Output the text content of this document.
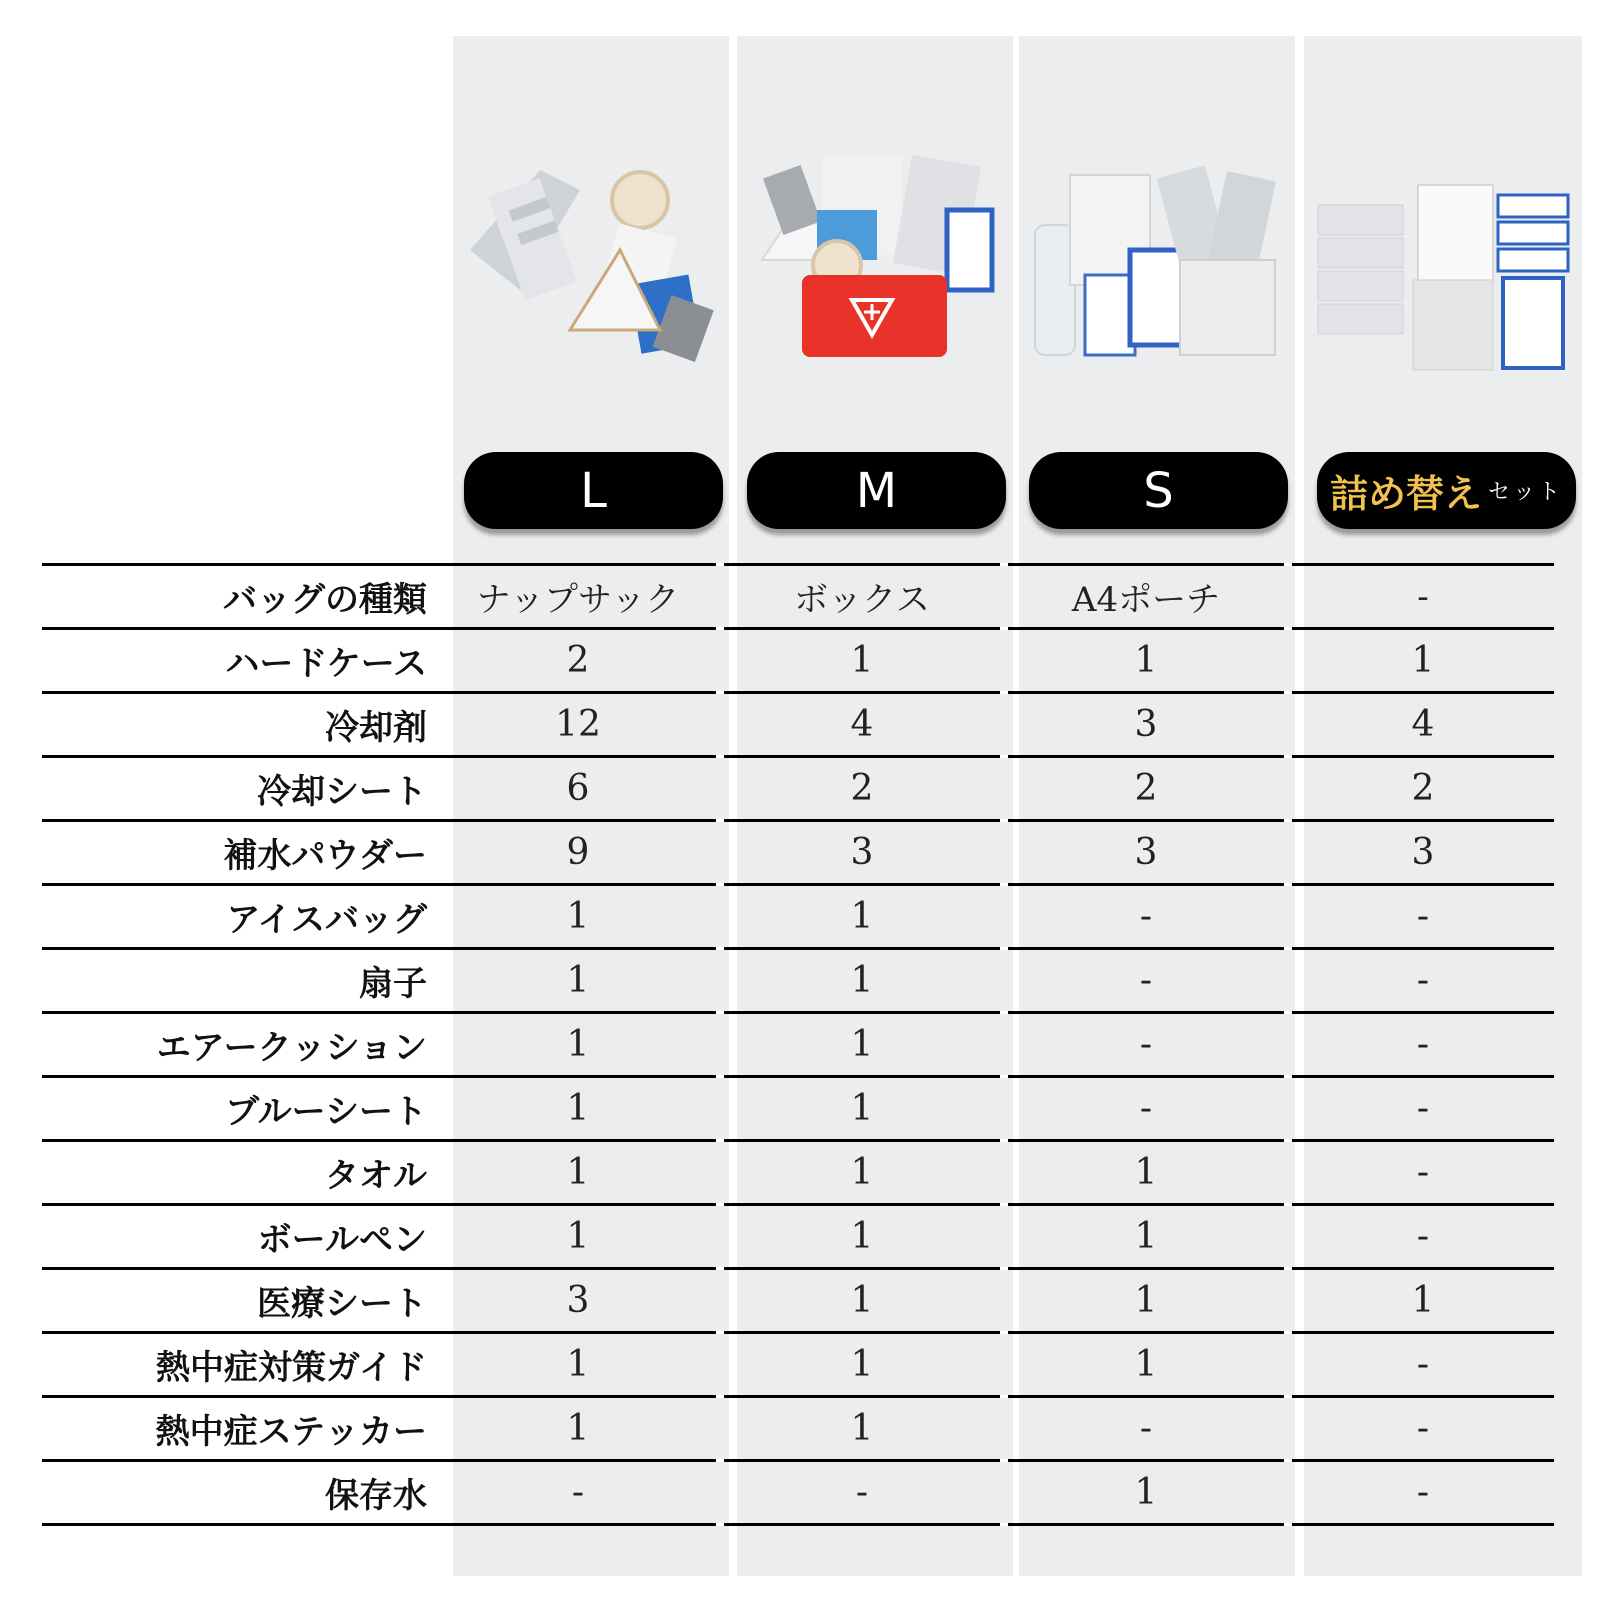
L	M	S	詰め替え セット
バッグの種類	ナップサック		ボックス		A4ポーチ		-
ハードケース	2		1		1		1
冷却剤	12		4		3		4
冷却シート	6		2		2		2
補水パウダー	9		3		3		3
アイスバッグ	1		1		-		-
扇子	1		1		-		-
エアークッション	1		1		-		-
ブルーシート	1		1		-		-
タオル	1		1		1		-
ボールペン	1		1		1		-
医療シート	3		1		1		1
熱中症対策ガイド	1		1		1		-
熱中症ステッカー	1		1		-		-
保存水	-		-		1		-
